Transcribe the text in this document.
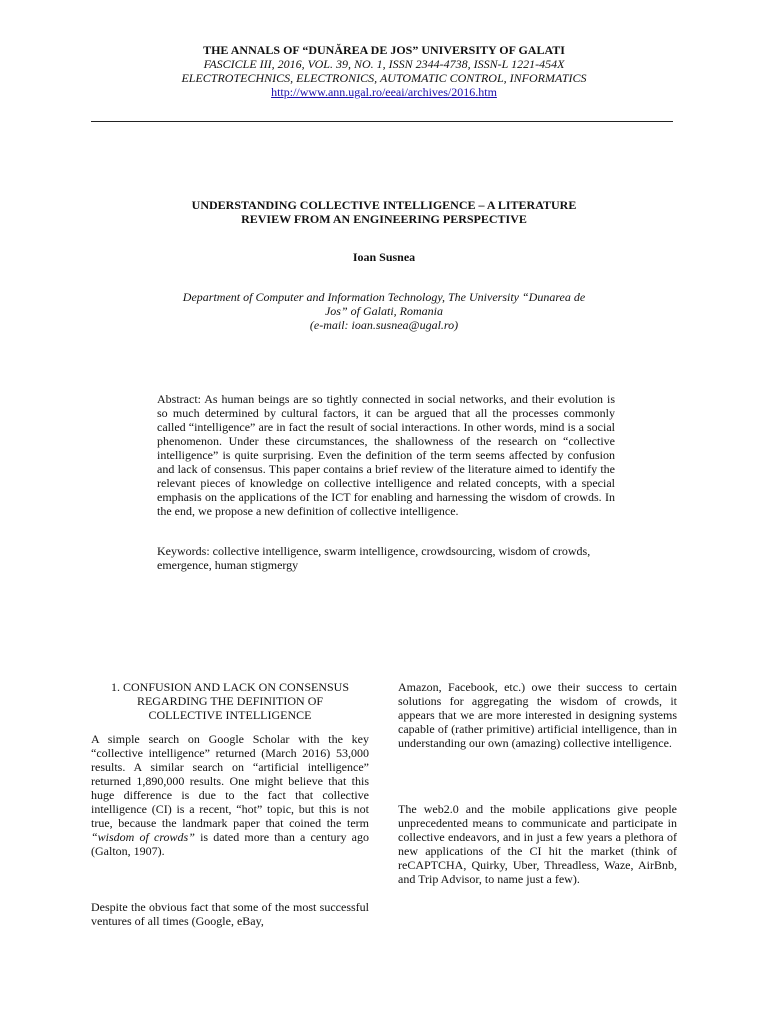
THE ANNALS OF “DUNĂREA DE JOS” UNIVERSITY OF GALATI
FASCICLE III, 2016, VOL. 39, NO. 1, ISSN 2344-4738, ISSN-L 1221-454X
ELECTROTECHNICS, ELECTRONICS, AUTOMATIC CONTROL, INFORMATICS
http://www.ann.ugal.ro/eeai/archives/2016.htm
UNDERSTANDING COLLECTIVE INTELLIGENCE – A LITERATURE
REVIEW FROM AN ENGINEERING PERSPECTIVE
Ioan Susnea
Department of Computer and Information Technology, The University “Dunarea de
Jos” of Galati, Romania
(e-mail: ioan.susnea@ugal.ro)
Abstract: As human beings are so tightly connected in social networks, and their evolution is so much determined by cultural factors, it can be argued that all the processes commonly called “intelligence” are in fact the result of social interactions. In other words, mind is a social phenomenon. Under these circumstances, the shallowness of the research on “collective intelligence” is quite surprising. Even the definition of the term seems affected by confusion and lack of consensus. This paper contains a brief review of the literature aimed to identify the relevant pieces of knowledge on collective intelligence and related concepts, with a special emphasis on the applications of the ICT for enabling and harnessing the wisdom of crowds. In the end, we propose a new definition of collective intelligence.
Keywords: collective intelligence, swarm intelligence, crowdsourcing, wisdom of crowds, emergence, human stigmergy
1. CONFUSION AND LACK ON CONSENSUS
REGARDING THE DEFINITION OF
COLLECTIVE INTELLIGENCE
A simple search on Google Scholar with the key “collective intelligence” returned (March 2016) 53,000 results. A similar search on “artificial intelligence” returned 1,890,000 results. One might believe that this huge difference is due to the fact that collective intelligence (CI) is a recent, “hot” topic, but this is not true, because the landmark paper that coined the term “wisdom of crowds” is dated more than a century ago (Galton, 1907).
Despite the obvious fact that some of the most successful ventures of all times (Google, eBay,
Amazon, Facebook, etc.) owe their success to certain solutions for aggregating the wisdom of crowds, it appears that we are more interested in designing systems capable of (rather primitive) artificial intelligence, than in understanding our own (amazing) collective intelligence.
The web2.0 and the mobile applications give people unprecedented means to communicate and participate in collective endeavors, and in just a few years a plethora of new applications of the CI hit the market (think of reCAPTCHA, Quirky, Uber, Threadless, Waze, AirBnb, and Trip Advisor, to name just a few).
